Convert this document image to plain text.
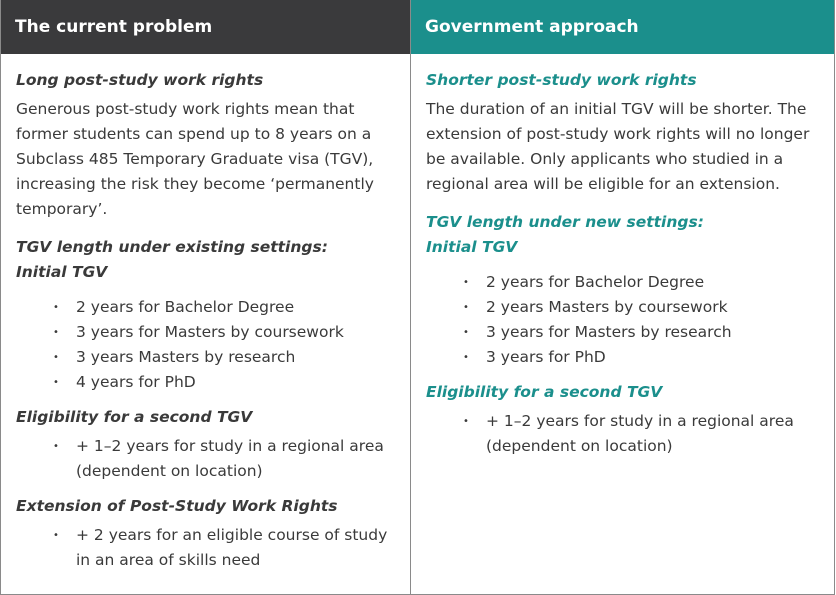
The current problem

Long post-study work rights

Generous post-study work rights mean that former students can spend up to 8 years on a Subclass 485 Temporary Graduate visa (TGV), increasing the risk they become ‘permanently temporary’.

TGV length under existing settings:

Initial TGV

• 2 years for Bachelor Degree
• 3 years for Masters by coursework
• 3 years Masters by research
• 4 years for PhD

Eligibility for a second TGV

• + 1–2 years for study in a regional area (dependent on location)

Extension of Post-Study Work Rights

• + 2 years for an eligible course of study in an area of skills need
Government approach

Shorter post-study work rights

The duration of an initial TGV will be shorter. The extension of post-study work rights will no longer be available. Only applicants who studied in a regional area will be eligible for an extension.

TGV length under new settings:

Initial TGV

• 2 years for Bachelor Degree
• 2 years Masters by coursework
• 3 years for Masters by research
• 3 years for PhD

Eligibility for a second TGV

• + 1–2 years for study in a regional area (dependent on location)
